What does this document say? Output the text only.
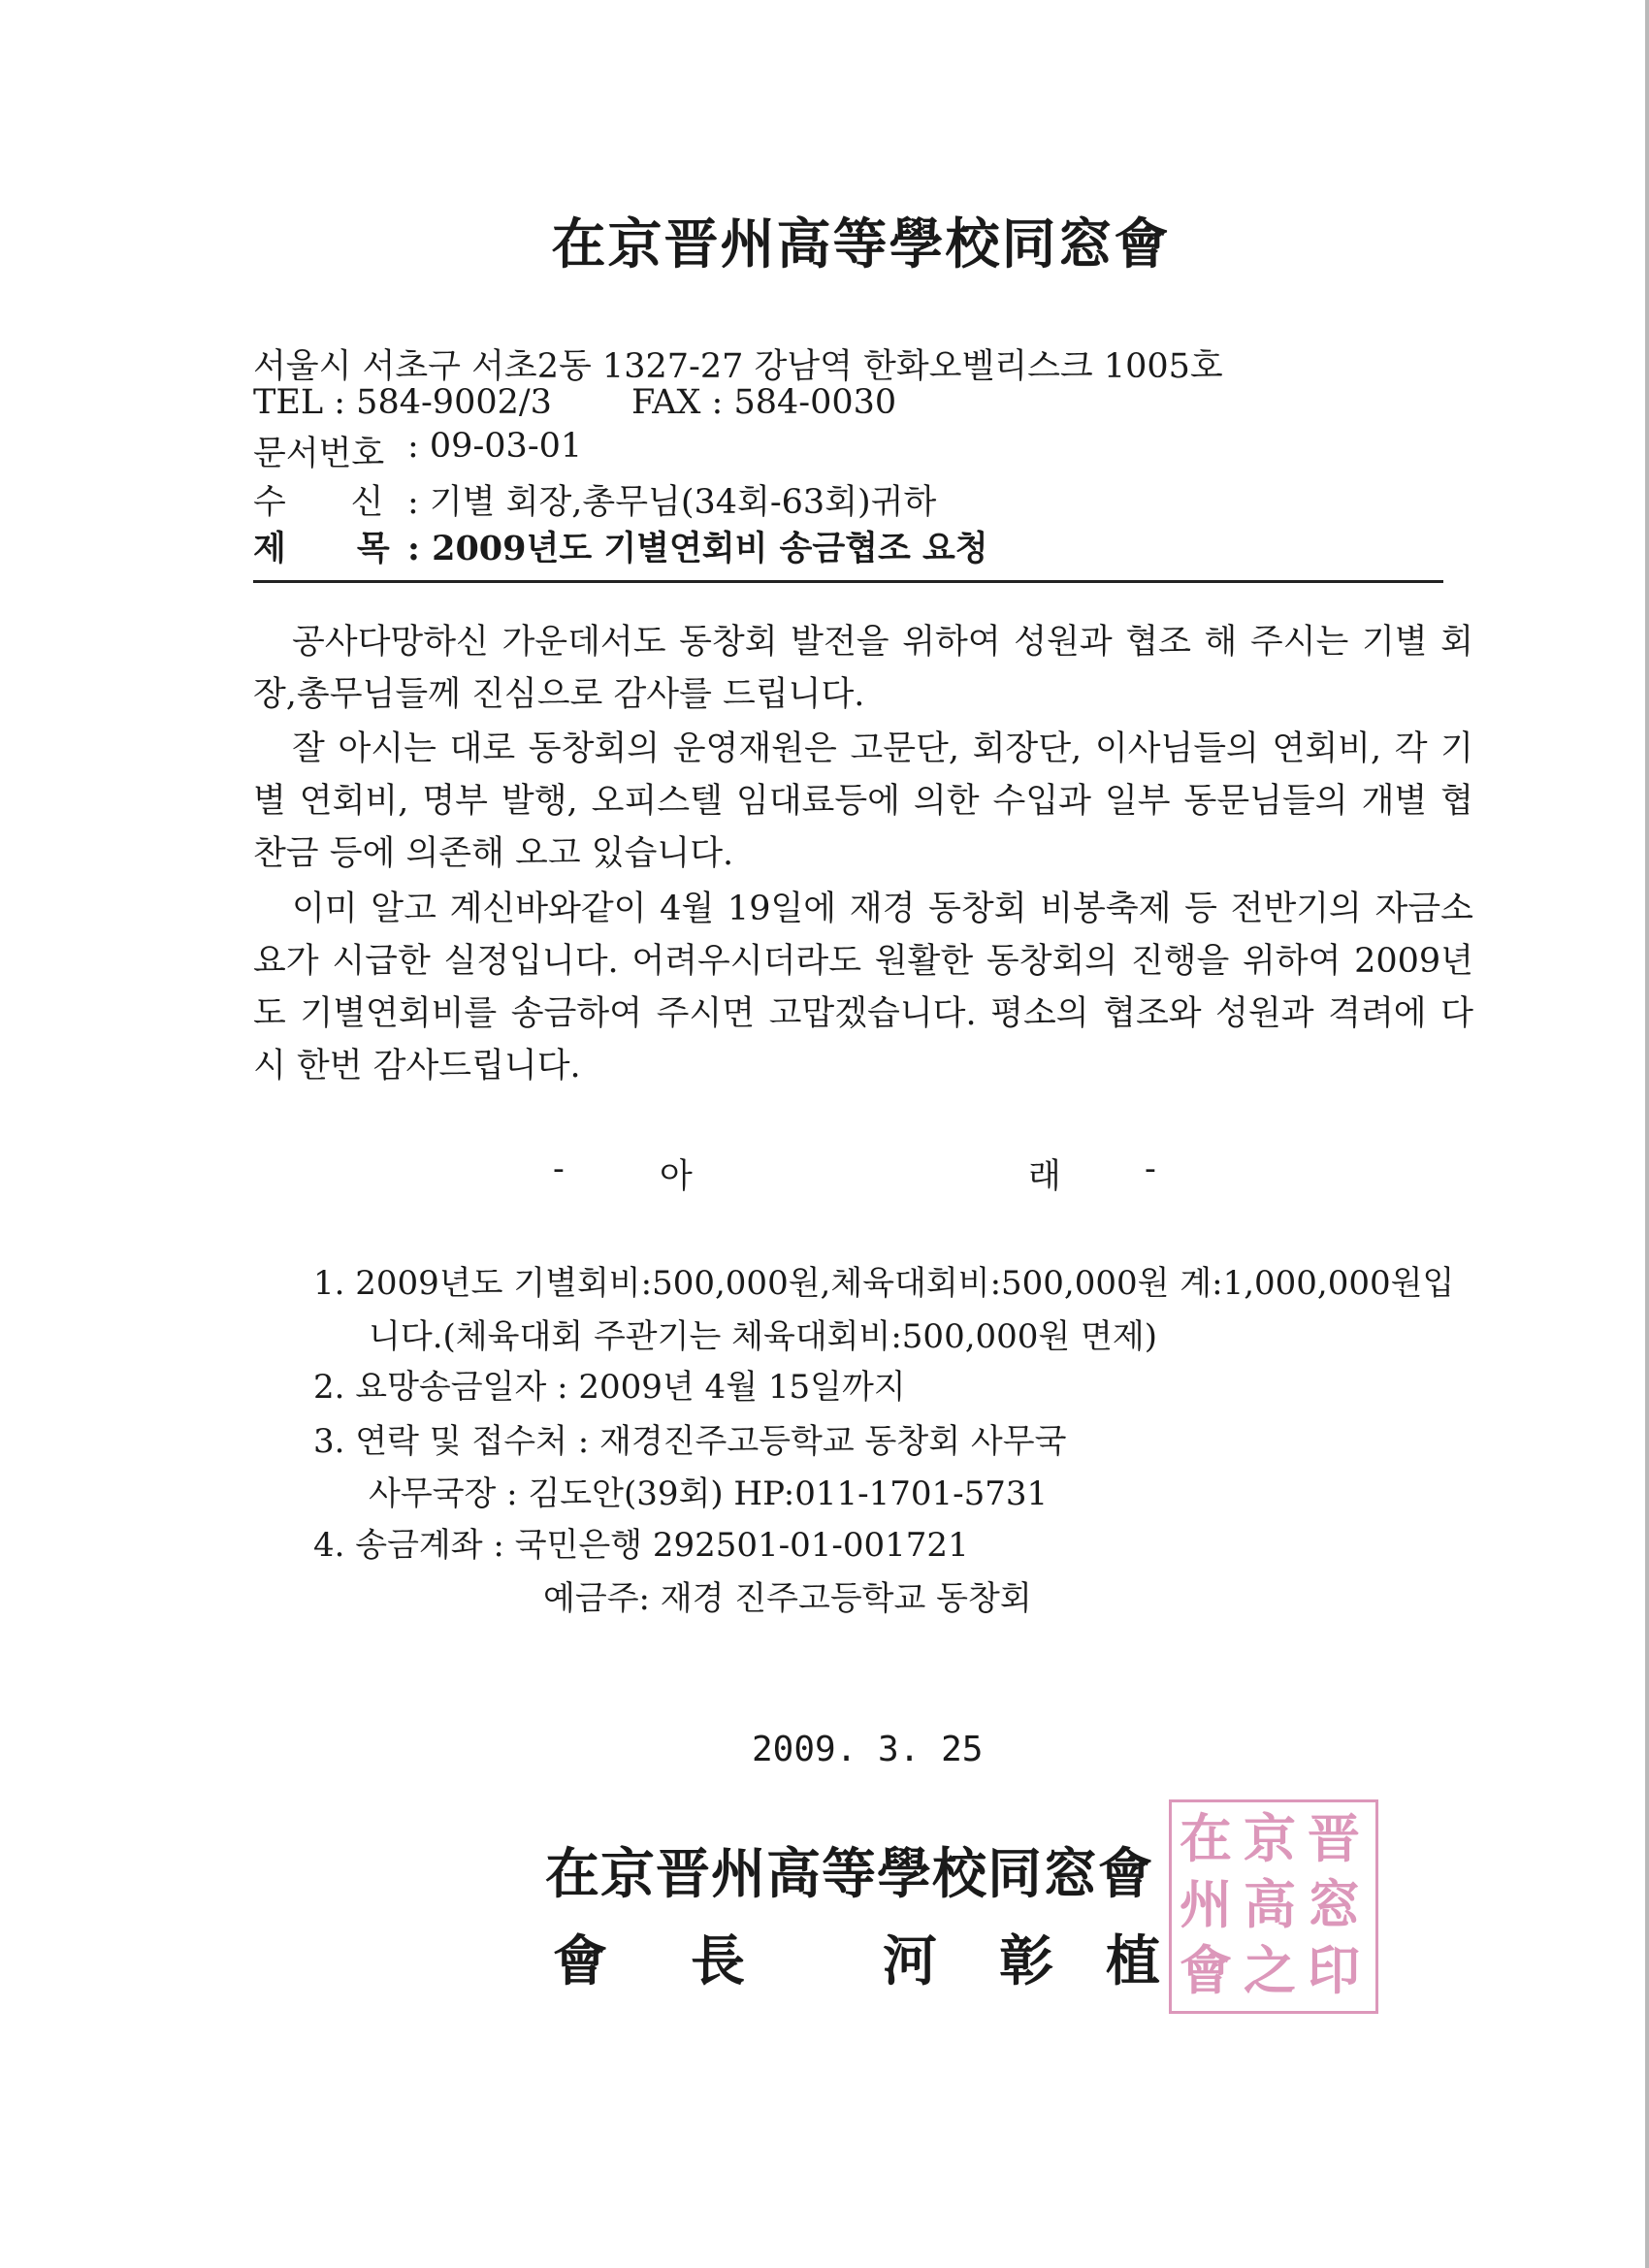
在京晋州高等學校同窓會
서울시 서초구 서초2동 1327-27 강남역 한화오벨리스크 1005호
TEL : 584-9002/3 FAX : 584-0030
문서번호 : 09-03-01
수      신 : 기별 회장,총무님(34회-63회)귀하
제      목 : 2009년도 기별연회비 송금협조 요청
공사다망하신 가운데서도 동창회 발전을 위하여 성원과 협조 해 주시는 기별 회장,총무님들께 진심으로 감사를 드립니다.
잘 아시는 대로 동창회의 운영재원은 고문단, 회장단, 이사님들의 연회비, 각 기별 연회비, 명부 발행, 오피스텔 임대료등에 의한 수입과 일부 동문님들의 개별 협찬금 등에 의존해 오고 있습니다.
이미 알고 계신바와같이 4월 19일에 재경 동창회 비봉축제 등 전반기의 자금소요가 시급한 실정입니다. 어려우시더라도 원활한 동창회의 진행을 위하여 2009년도 기별연회비를 송금하여 주시면 고맙겠습니다. 평소의 협조와 성원과 격려에 다시 한번 감사드립니다.
-	아	래 -
1. 2009년도 기별회비:500,000원,체육대회비:500,000원 계:1,000,000원입
니다.(체육대회 주관기는 체육대회비:500,000원 면제)
2. 요망송금일자 : 2009년 4월 15일까지
3. 연락 및 접수처 : 재경진주고등학교 동창회 사무국
사무국장 : 김도안(39회) HP:011-1701-5731
4. 송금계좌 : 국민은행 292501-01-001721
예금주: 재경 진주고등학교 동창회
2009. 3. 25
在京晋州高等學校同窓會
會 長	河 彰 植
在 京 晋
州 高 窓
會 之 印
